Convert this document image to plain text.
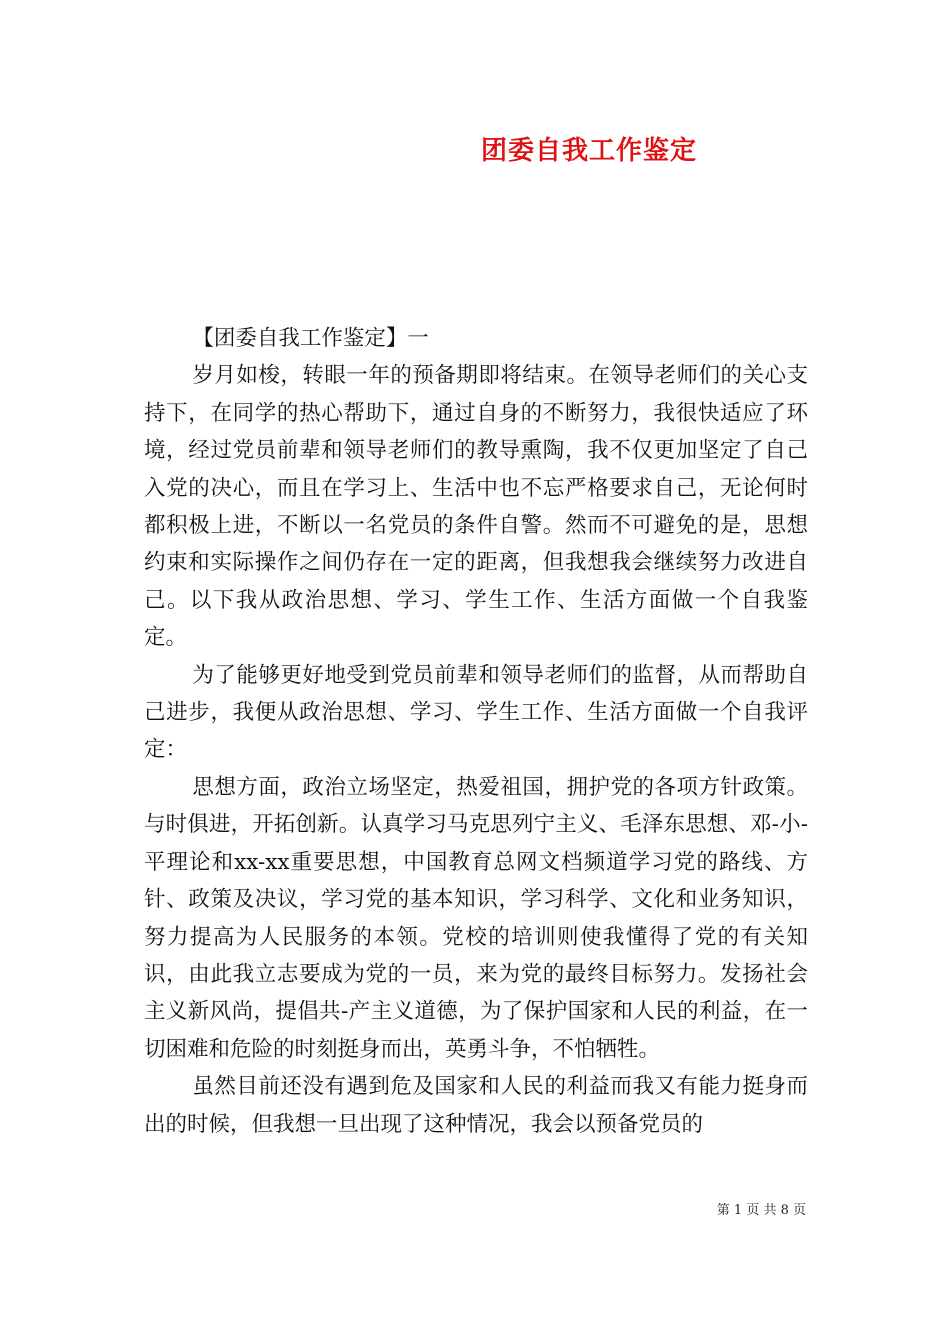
团委自我工作鉴定

【团委自我工作鉴定】一

岁月如梭，转眼一年的预备期即将结束。在领导老师们的关心支持下，在同学的热心帮助下，通过自身的不断努力，我很快适应了环境，经过党员前辈和领导老师们的教导熏陶，我不仅更加坚定了自己入党的决心，而且在学习上、生活中也不忘严格要求自己，无论何时都积极上进，不断以一名党员的条件自警。然而不可避免的是，思想约束和实际操作之间仍存在一定的距离，但我想我会继续努力改进自己。以下我从政治思想、学习、学生工作、生活方面做一个自我鉴定。

为了能够更好地受到党员前辈和领导老师们的监督，从而帮助自己进步，我便从政治思想、学习、学生工作、生活方面做一个自我评定：

思想方面，政治立场坚定，热爱祖国，拥护党的各项方针政策。与时俱进，开拓创新。认真学习马克思列宁主义、毛泽东思想、邓-小-平理论和xx-xx重要思想，中国教育总网文档频道学习党的路线、方针、政策及决议，学习党的基本知识，学习科学、文化和业务知识，努力提高为人民服务的本领。党校的培训则使我懂得了党的有关知识，由此我立志要成为党的一员，来为党的最终目标努力。发扬社会主义新风尚，提倡共-产主义道德，为了保护国家和人民的利益，在一切困难和危险的时刻挺身而出，英勇斗争，不怕牺牲。

虽然目前还没有遇到危及国家和人民的利益而我又有能力挺身而出的时候，但我想一旦出现了这种情况，我会以预备党员的

第 1 页 共 8 页
